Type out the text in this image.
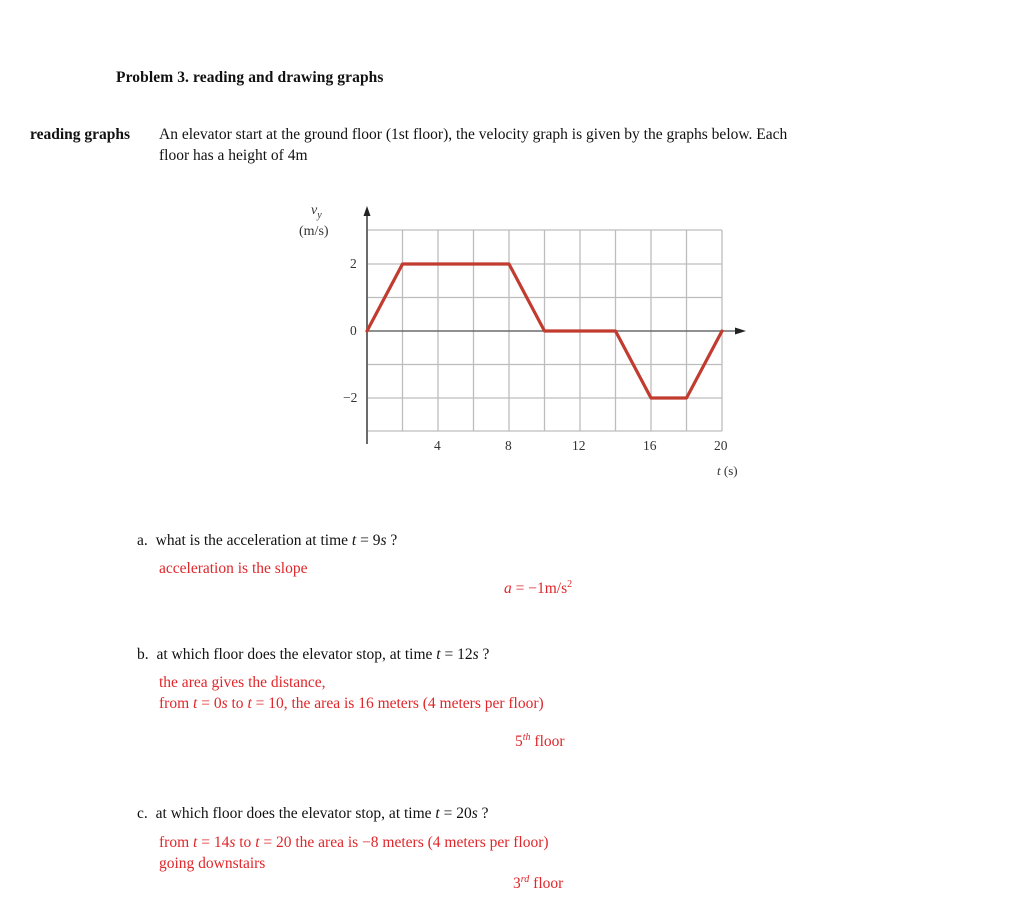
Problem 3. reading and drawing graphs
reading graphs An elevator start at the ground floor (1st floor), the velocity graph is given by the graphs below. Each
floor has a height of 4m
$v_y$
(m/s)
2
0
−2
4	8	12	16	20
t (s)
a. what is the acceleration at time t = 9s ?
acceleration is the slope
$a = -1m/s^2$
b. at which floor does the elevator stop, at time t = 12s ?
the area gives the distance,
from t = 0s to t = 10, the area is 16 meters (4 meters per floor)
5th floor
c. at which floor does the elevator stop, at time t = 20s ?
from t = 14s to t = 20 the area is −8 meters (4 meters per floor)
going downstairs
3rd floor
